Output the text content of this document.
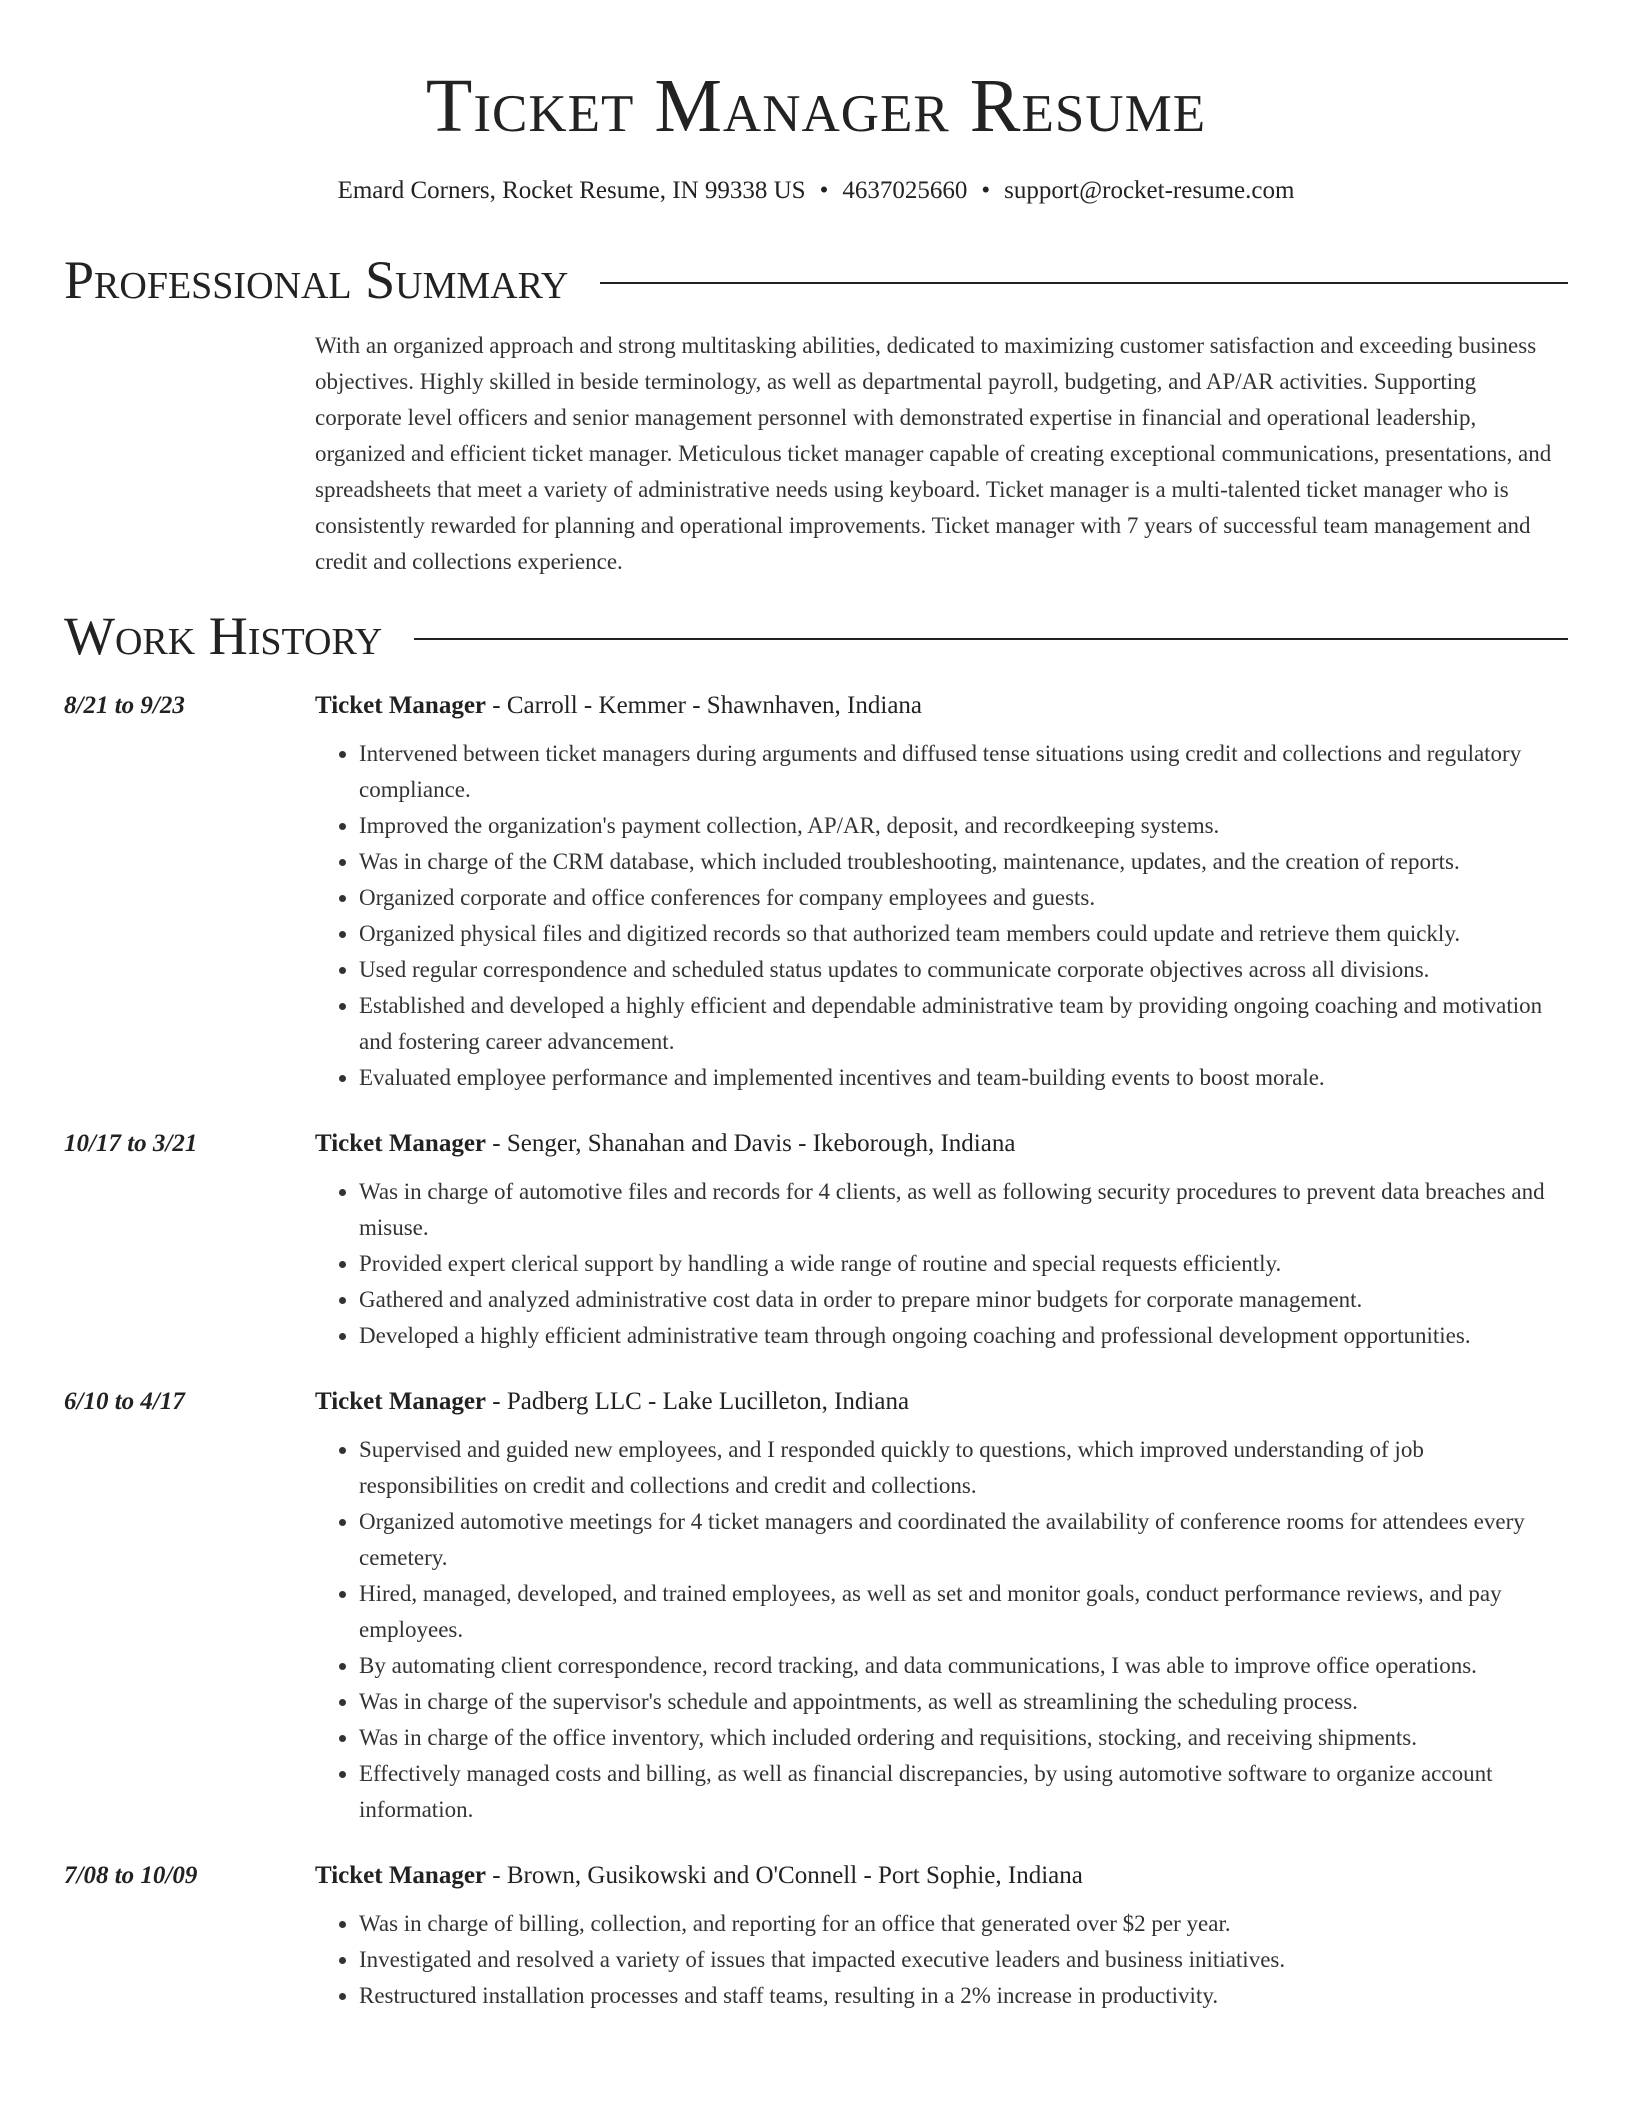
Ticket Manager Resume
Emard Corners, Rocket Resume, IN 99338 US • 4637025660 • support@rocket-resume.com
Professional Summary

With an organized approach and strong multitasking abilities, dedicated to maximizing customer satisfaction and exceeding business objectives. Highly skilled in beside terminology, as well as departmental payroll, budgeting, and AP/AR activities. Supporting corporate level officers and senior management personnel with demonstrated expertise in financial and operational leadership, organized and efficient ticket manager. Meticulous ticket manager capable of creating exceptional communications, presentations, and spreadsheets that meet a variety of administrative needs using keyboard. Ticket manager is a multi-talented ticket manager who is consistently rewarded for planning and operational improvements. Ticket manager with 7 years of successful team management and credit and collections experience.

Work History
8/21 to 9/23	Ticket Manager - Carroll - Kemmer - Shawnhaven, Indiana
• Intervened between ticket managers during arguments and diffused tense situations using credit and collections and regulatory compliance.
• Improved the organization's payment collection, AP/AR, deposit, and recordkeeping systems.
• Was in charge of the CRM database, which included troubleshooting, maintenance, updates, and the creation of reports.
• Organized corporate and office conferences for company employees and guests.
• Organized physical files and digitized records so that authorized team members could update and retrieve them quickly.
• Used regular correspondence and scheduled status updates to communicate corporate objectives across all divisions.
• Established and developed a highly efficient and dependable administrative team by providing ongoing coaching and motivation and fostering career advancement.
• Evaluated employee performance and implemented incentives and team-building events to boost morale.
10/17 to 3/21	Ticket Manager - Senger, Shanahan and Davis - Ikeborough, Indiana
• Was in charge of automotive files and records for 4 clients, as well as following security procedures to prevent data breaches and misuse.
• Provided expert clerical support by handling a wide range of routine and special requests efficiently.
• Gathered and analyzed administrative cost data in order to prepare minor budgets for corporate management.
• Developed a highly efficient administrative team through ongoing coaching and professional development opportunities.
6/10 to 4/17	Ticket Manager - Padberg LLC - Lake Lucilleton, Indiana
• Supervised and guided new employees, and I responded quickly to questions, which improved understanding of job responsibilities on credit and collections and credit and collections.
• Organized automotive meetings for 4 ticket managers and coordinated the availability of conference rooms for attendees every cemetery.
• Hired, managed, developed, and trained employees, as well as set and monitor goals, conduct performance reviews, and pay employees.
• By automating client correspondence, record tracking, and data communications, I was able to improve office operations.
• Was in charge of the supervisor's schedule and appointments, as well as streamlining the scheduling process.
• Was in charge of the office inventory, which included ordering and requisitions, stocking, and receiving shipments.
• Effectively managed costs and billing, as well as financial discrepancies, by using automotive software to organize account information.
7/08 to 10/09	Ticket Manager - Brown, Gusikowski and O'Connell - Port Sophie, Indiana
• Was in charge of billing, collection, and reporting for an office that generated over $2 per year.
• Investigated and resolved a variety of issues that impacted executive leaders and business initiatives.
• Restructured installation processes and staff teams, resulting in a 2% increase in productivity.
